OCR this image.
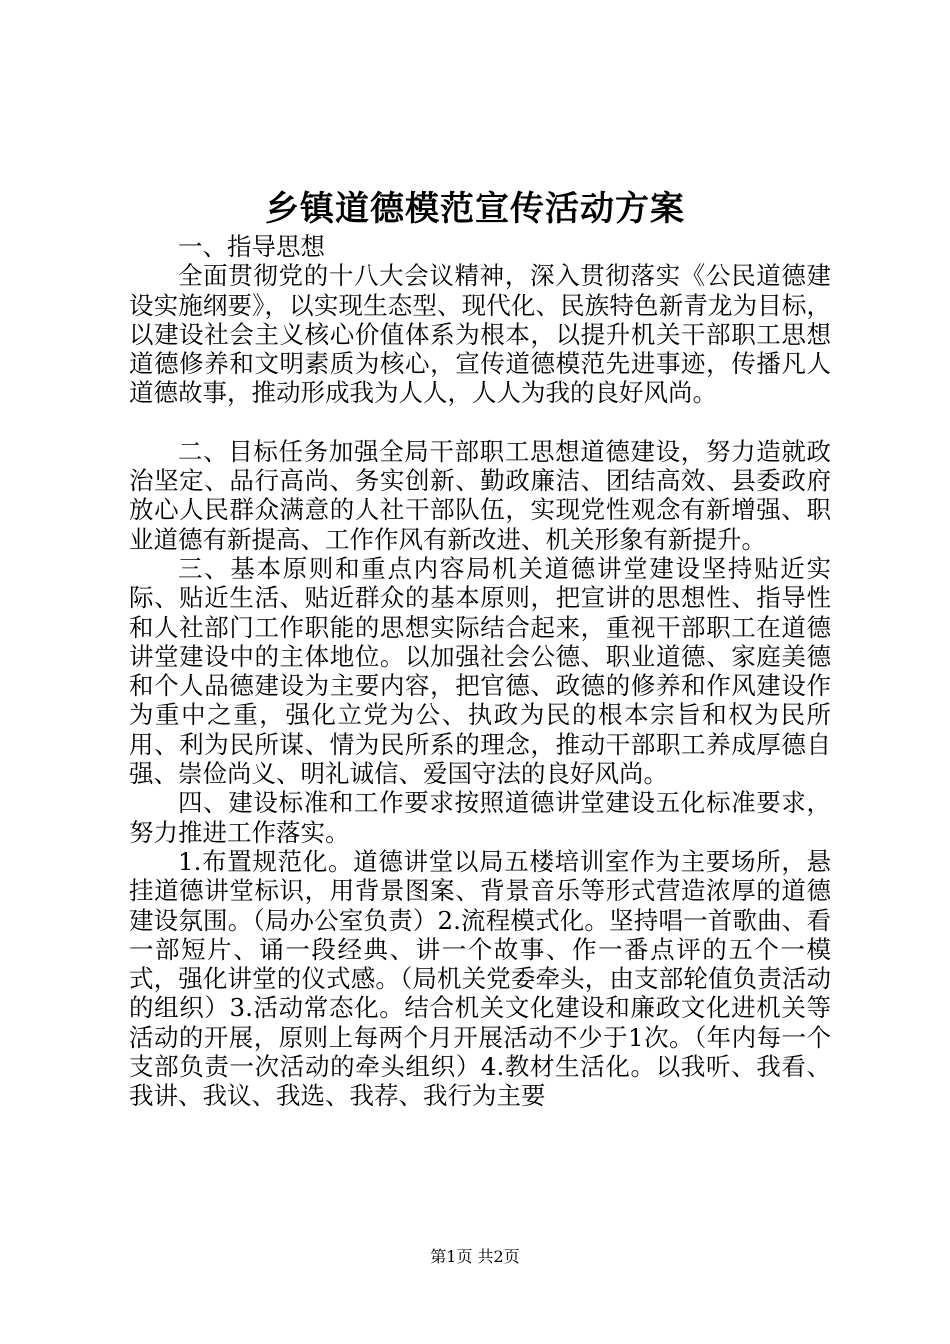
乡镇道德模范宣传活动方案

一、指导思想

全面贯彻党的十八大会议精神，深入贯彻落实《公民道德建设实施纲要》，以实现生态型、现代化、民族特色新青龙为目标，以建设社会主义核心价值体系为根本，以提升机关干部职工思想道德修养和文明素质为核心，宣传道德模范先进事迹，传播凡人道德故事，推动形成我为人人，人人为我的良好风尚。

二、目标任务加强全局干部职工思想道德建设，努力造就政治坚定、品行高尚、务实创新、勤政廉洁、团结高效、县委政府放心人民群众满意的人社干部队伍，实现党性观念有新增强、职业道德有新提高、工作作风有新改进、机关形象有新提升。

三、基本原则和重点内容局机关道德讲堂建设坚持贴近实际、贴近生活、贴近群众的基本原则，把宣讲的思想性、指导性和人社部门工作职能的思想实际结合起来，重视干部职工在道德讲堂建设中的主体地位。以加强社会公德、职业道德、家庭美德和个人品德建设为主要内容，把官德、政德的修养和作风建设作为重中之重，强化立党为公、执政为民的根本宗旨和权为民所用、利为民所谋、情为民所系的理念，推动干部职工养成厚德自强、崇俭尚义、明礼诚信、爱国守法的良好风尚。

四、建设标准和工作要求按照道德讲堂建设五化标准要求，努力推进工作落实。

1.布置规范化。道德讲堂以局五楼培训室作为主要场所，悬挂道德讲堂标识，用背景图案、背景音乐等形式营造浓厚的道德建设氛围。（局办公室负责）2.流程模式化。坚持唱一首歌曲、看一部短片、诵一段经典、讲一个故事、作一番点评的五个一模式，强化讲堂的仪式感。（局机关党委牵头，由支部轮值负责活动的组织）3.活动常态化。结合机关文化建设和廉政文化进机关等活动的开展，原则上每两个月开展活动不少于1次。（年内每一个支部负责一次活动的牵头组织）4.教材生活化。以我听、我看、我讲、我议、我选、我荐、我行为主要

第1页 共2页
